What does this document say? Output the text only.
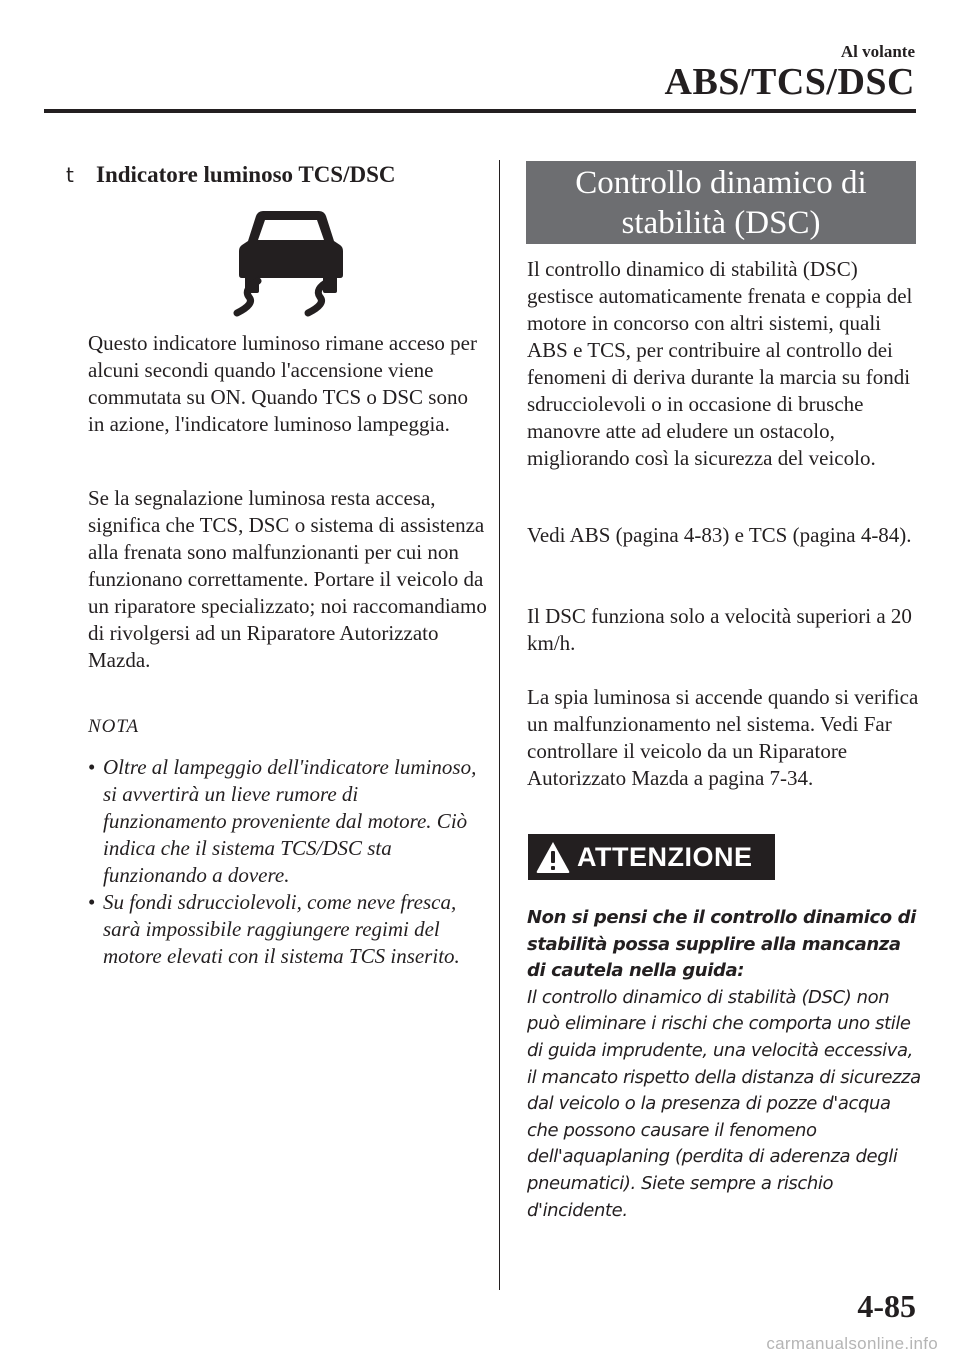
Al volante
ABS/TCS/DSC
t Indicatore luminoso TCS/DSC

Questo indicatore luminoso rimane acceso per alcuni secondi quando l'accensione viene commutata su ON. Quando TCS o DSC sono in azione, l'indicatore luminoso lampeggia.

Se la segnalazione luminosa resta accesa, significa che TCS, DSC o sistema di assistenza alla frenata sono malfunzionanti per cui non funzionano correttamente. Portare il veicolo da un riparatore specializzato; noi raccomandiamo di rivolgersi ad un Riparatore Autorizzato Mazda.

NOTA
• Oltre al lampeggio dell'indicatore luminoso, si avvertirà un lieve rumore di funzionamento proveniente dal motore. Ciò indica che il sistema TCS/DSC sta funzionando a dovere.
• Su fondi sdrucciolevoli, come neve fresca, sarà impossibile raggiungere regimi del motore elevati con il sistema TCS inserito.
Controllo dinamico di stabilità (DSC)

Il controllo dinamico di stabilità (DSC) gestisce automaticamente frenata e coppia del motore in concorso con altri sistemi, quali ABS e TCS, per contribuire al controllo dei fenomeni di deriva durante la marcia su fondi sdrucciolevoli o in occasione di brusche manovre atte ad eludere un ostacolo, migliorando così la sicurezza del veicolo.

Vedi ABS (pagina 4-83) e TCS (pagina 4-84).

Il DSC funziona solo a velocità superiori a 20 km/h.

La spia luminosa si accende quando si verifica un malfunzionamento nel sistema. Vedi Far controllare il veicolo da un Riparatore Autorizzato Mazda a pagina 7-34.

ATTENZIONE
Non si pensi che il controllo dinamico di stabilità possa supplire alla mancanza di cautela nella guida:
Il controllo dinamico di stabilità (DSC) non può eliminare i rischi che comporta uno stile di guida imprudente, una velocità eccessiva, il mancato rispetto della distanza di sicurezza dal veicolo o la presenza di pozze d'acqua che possono causare il fenomeno dell'aquaplaning (perdita di aderenza degli pneumatici). Siete sempre a rischio d'incidente.
4-85
carmanualsonline.info
